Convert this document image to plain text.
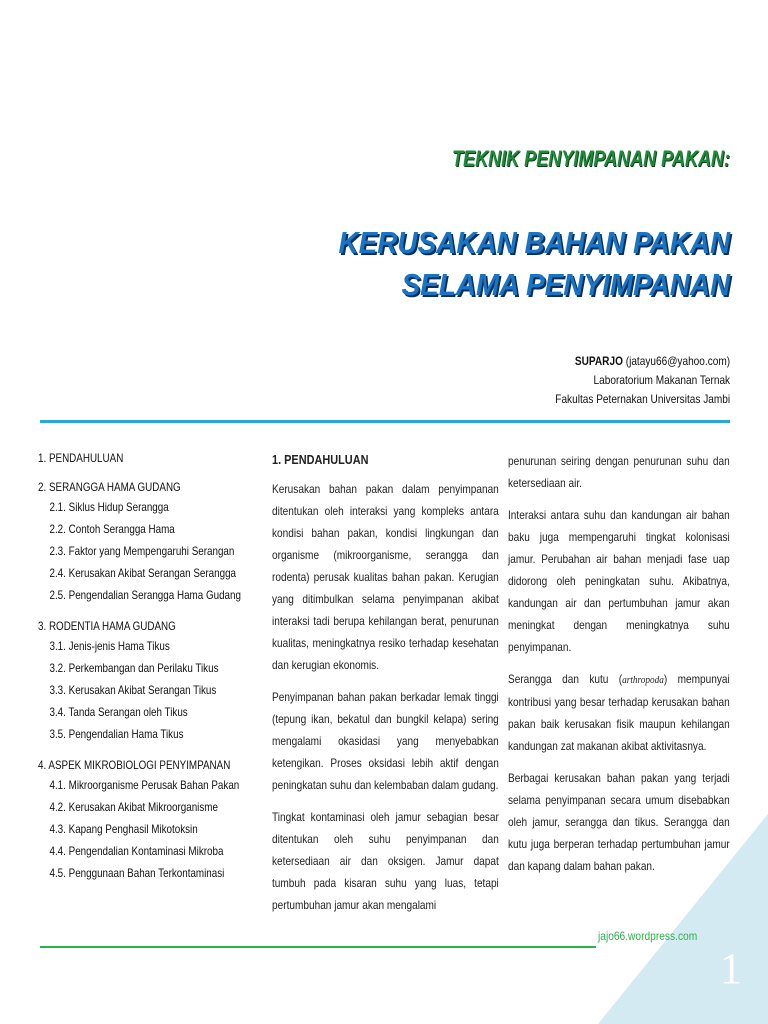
1
TEKNIK PENYIMPANAN PAKAN:
KERUSAKAN BAHAN PAKAN
SELAMA PENYIMPANAN
SUPARJO (jatayu66@yahoo.com)
Laboratorium Makanan Ternak
Fakultas Peternakan Universitas Jambi
1. PENDAHULUAN
2. SERANGGA HAMA GUDANG
2.1. Siklus Hidup Serangga
2.2. Contoh Serangga Hama
2.3. Faktor yang Mempengaruhi Serangan
2.4. Kerusakan Akibat Serangan Serangga
2.5. Pengendalian Serangga Hama Gudang
3. RODENTIA HAMA GUDANG
3.1. Jenis-jenis Hama Tikus
3.2. Perkembangan dan Perilaku Tikus
3.3. Kerusakan Akibat Serangan Tikus
3.4. Tanda Serangan oleh Tikus
3.5. Pengendalian Hama Tikus
4. ASPEK MIKROBIOLOGI PENYIMPANAN
4.1. Mikroorganisme Perusak Bahan Pakan
4.2. Kerusakan Akibat Mikroorganisme
4.3. Kapang Penghasil Mikotoksin
4.4. Pengendalian Kontaminasi Mikroba
4.5. Penggunaan Bahan Terkontaminasi
1. PENDAHULUAN

Kerusakan bahan pakan dalam penyimpanan ditentukan oleh interaksi yang kompleks antara kondisi bahan pakan, kondisi lingkungan dan organisme (mikroorganisme, serangga dan rodenta) perusak kualitas bahan pakan. Kerugian yang ditimbulkan selama penyimpanan akibat interaksi tadi berupa kehilangan berat, penurunan kualitas, meningkatnya resiko terhadap kesehatan dan kerugian ekonomis.

Penyimpanan bahan pakan berkadar lemak tinggi (tepung ikan, bekatul dan bungkil kelapa) sering mengalami okasidasi yang menyebabkan ketengikan. Proses oksidasi lebih aktif dengan peningkatan suhu dan kelembaban dalam gudang.

Tingkat kontaminasi oleh jamur sebagian besar ditentukan oleh suhu penyimpanan dan ketersediaan air dan oksigen. Jamur dapat tumbuh pada kisaran suhu yang luas, tetapi pertumbuhan jamur akan mengalami

penurunan seiring dengan penurunan suhu dan ketersediaan air.

Interaksi antara suhu dan kandungan air bahan baku juga mempengaruhi tingkat kolonisasi jamur. Perubahan air bahan menjadi fase uap didorong oleh peningkatan suhu. Akibatnya, kandungan air dan pertumbuhan jamur akan meningkat dengan meningkatnya suhu penyimpanan.

Serangga dan kutu (arthropoda) mempunyai kontribusi yang besar terhadap kerusakan bahan pakan baik kerusakan fisik maupun kehilangan kandungan zat makanan akibat aktivitasnya.

Berbagai kerusakan bahan pakan yang terjadi selama penyimpanan secara umum disebabkan oleh jamur, serangga dan tikus. Serangga dan kutu juga berperan terhadap pertumbuhan jamur dan kapang dalam bahan pakan.

jajo66.wordpress.com
